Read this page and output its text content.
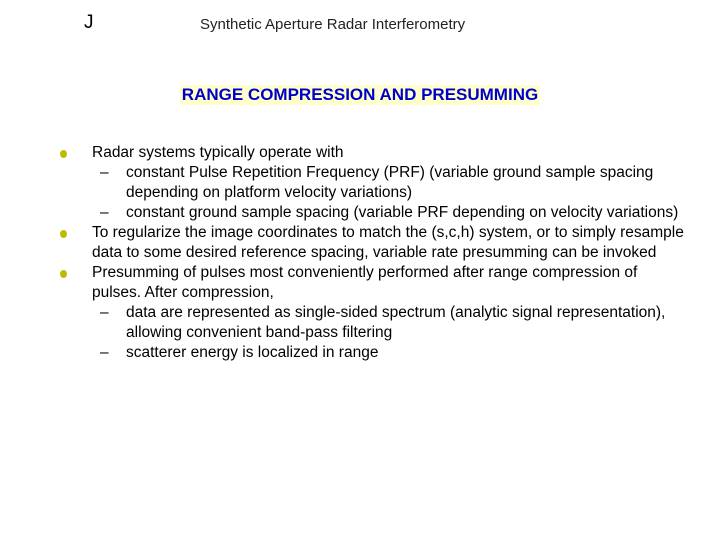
J	Synthetic Aperture Radar Interferometry
RANGE COMPRESSION AND PRESUMMING
Radar systems typically operate with
– constant Pulse Repetition Frequency (PRF) (variable ground sample spacing depending on platform velocity variations)
– constant ground sample spacing (variable PRF depending on velocity variations)
To regularize the image coordinates to match the (s,c,h) system, or to simply resample data to some desired reference spacing, variable rate presumming can be invoked
Presumming of pulses most conveniently performed after range compression of pulses. After compression,
– data are represented as single-sided spectrum (analytic signal representation), allowing convenient band-pass filtering
– scatterer energy is localized in range
